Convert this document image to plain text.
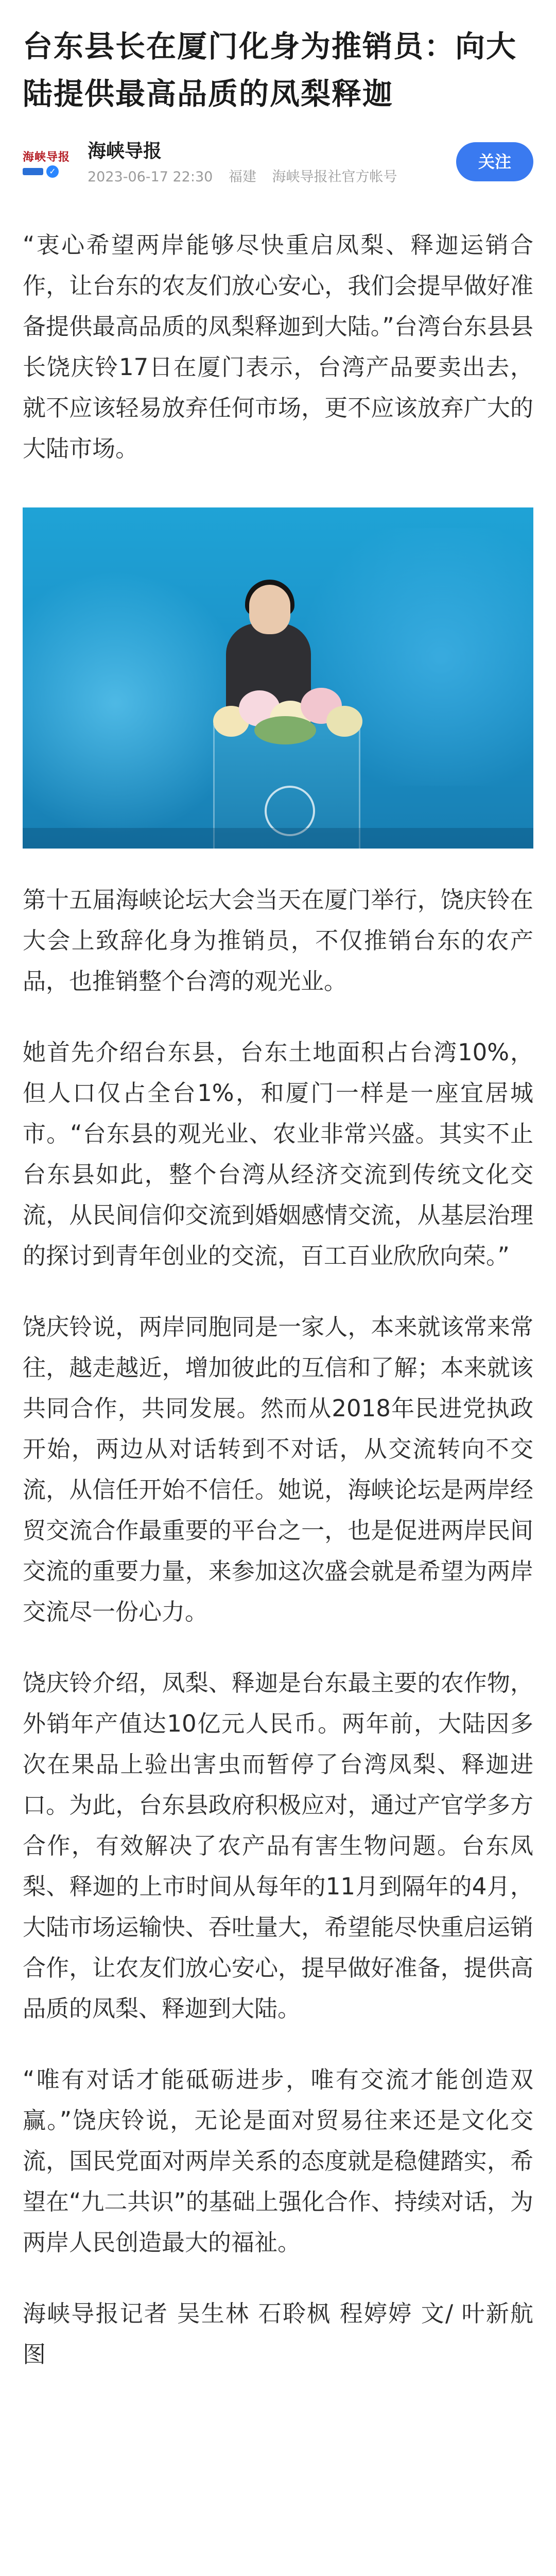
台东县长在厦门化身为推销员：向大陆提供最高品质的凤梨释迦
海峡导报
✓
海峡导报
2023-06-17 22:30 福建 海峡导报社官方帐号
关注

“衷心希望两岸能够尽快重启凤梨、释迦运销合作，让台东的农友们放心安心，我们会提早做好准备提供最高品质的凤梨释迦到大陆。”台湾台东县县长饶庆铃17日在厦门表示，台湾产品要卖出去，就不应该轻易放弃任何市场，更不应该放弃广大的大陆市场。

第十五届海峡论坛大会当天在厦门举行，饶庆铃在大会上致辞化身为推销员，不仅推销台东的农产品，也推销整个台湾的观光业。

她首先介绍台东县，台东土地面积占台湾10%，但人口仅占全台1%，和厦门一样是一座宜居城市。“台东县的观光业、农业非常兴盛。其实不止台东县如此，整个台湾从经济交流到传统文化交流，从民间信仰交流到婚姻感情交流，从基层治理的探讨到青年创业的交流，百工百业欣欣向荣。”

饶庆铃说，两岸同胞同是一家人，本来就该常来常往，越走越近，增加彼此的互信和了解；本来就该共同合作，共同发展。然而从2018年民进党执政开始，两边从对话转到不对话，从交流转向不交流，从信任开始不信任。她说，海峡论坛是两岸经贸交流合作最重要的平台之一，也是促进两岸民间交流的重要力量，来参加这次盛会就是希望为两岸交流尽一份心力。

饶庆铃介绍，凤梨、释迦是台东最主要的农作物，外销年产值达10亿元人民币。两年前，大陆因多次在果品上验出害虫而暂停了台湾凤梨、释迦进口。为此，台东县政府积极应对，通过产官学多方合作，有效解决了农产品有害生物问题。台东凤梨、释迦的上市时间从每年的11月到隔年的4月，大陆市场运输快、吞吐量大，希望能尽快重启运销合作，让农友们放心安心，提早做好准备，提供高品质的凤梨、释迦到大陆。

“唯有对话才能砥砺进步，唯有交流才能创造双赢。”饶庆铃说，无论是面对贸易往来还是文化交流，国民党面对两岸关系的态度就是稳健踏实，希望在“九二共识”的基础上强化合作、持续对话，为两岸人民创造最大的福祉。

海峡导报记者 吴生林 石聆枫 程婷婷 文/ 叶新航 图
